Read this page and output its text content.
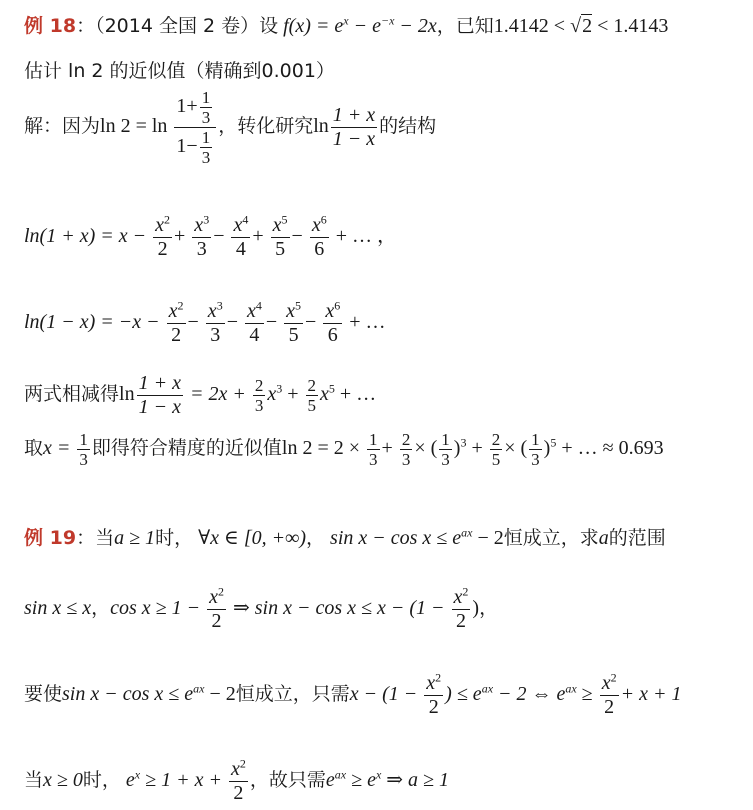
例 18：（2014 全国 2 卷）设 $f(x) = e^x - e^{-x} - 2x$，已知1.4142 < √2 < 1.4143
估计 ln 2 的近似值（精确到0.001）
解：因为$\ln 2 = \ln \frac{1+ \frac{1}{3}}{1- \frac{1}{3}}$ ，转化研究$\ln \frac{1 + x}{1 - x}$ 的结构
$\ln(1 + x) = x - \frac{x^2}{2} + \frac{x^3}{3} - \frac{x^4}{4} + \frac{x^5}{5} - \frac{x^6}{6}$ + … ，
$\ln(1 - x) = -x - \frac{x^2}{2} - \frac{x^3}{3} - \frac{x^4}{4} - \frac{x^5}{5} - \frac{x^6}{6}$ + …
两式相减得$\ln \frac{1 + x}{1 - x} = 2x + \frac{2}{3} x^3 + \frac{2}{5} x^5$ + …
取$x = \frac{1}{3}$ 即得符合精度的近似值$\ln 2 = 2 \times \frac{1}{3} + \frac{2}{3}$ × ( $\frac{1}{3} )^3 + \frac{2}{5}$ × ( $\frac{1}{3} )^5$ + … ≈ 0.693
例 19：当a ≥ 1时， ∀x ∈ [0, +∞)， $\sin x - \cos x \le e^{ax} - 2$恒成立，求a的范围
sin x ≤ x，$\cos x \ge 1 - \frac{x^2}{2}$ ⇒ $\sin x - \cos x \le x - (1 - \frac{x^2}{2}$ )，
要使$\sin x - \cos x \le e^{ax} - 2$恒成立，只需$x - (1 - \frac{x^2}{2}$ ) ≤ $e^{ax} - 2$ ⇔ $e^{ax} \ge \frac{x^2}{2} + x + 1$
当x ≥ 0时， $e^x \ge 1 + x + \frac{x^2}{2}$ ，故只需$e^{ax} \ge e^x$ ⇒ a ≥ 1
